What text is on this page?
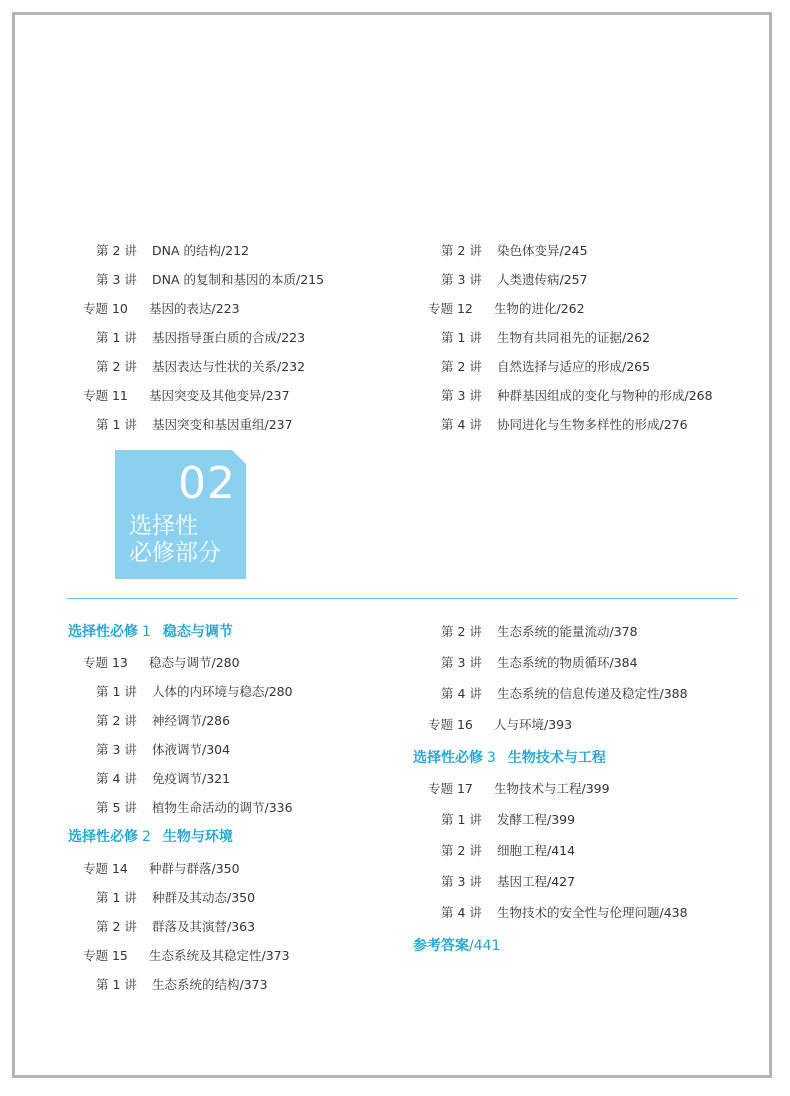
第 2 讲 DNA 的结构/212
第 3 讲 DNA 的复制和基因的本质/215
专题 10 基因的表达/223
第 1 讲 基因指导蛋白质的合成/223
第 2 讲 基因表达与性状的关系/232
专题 11 基因突变及其他变异/237
第 1 讲 基因突变和基因重组/237
第 2 讲 染色体变异/245
第 3 讲 人类遗传病/257
专题 12 生物的进化/262
第 1 讲 生物有共同祖先的证据/262
第 2 讲 自然选择与适应的形成/265
第 3 讲 种群基因组成的变化与物种的形成/268
第 4 讲 协同进化与生物多样性的形成/276
02
选择性
必修部分
选择性必修 1 稳态与调节
专题 13 稳态与调节/280
第 1 讲 人体的内环境与稳态/280
第 2 讲 神经调节/286
第 3 讲 体液调节/304
第 4 讲 免疫调节/321
第 5 讲 植物生命活动的调节/336
选择性必修 2 生物与环境
专题 14 种群与群落/350
第 1 讲 种群及其动态/350
第 2 讲 群落及其演替/363
专题 15 生态系统及其稳定性/373
第 1 讲 生态系统的结构/373
第 2 讲 生态系统的能量流动/378
第 3 讲 生态系统的物质循环/384
第 4 讲 生态系统的信息传递及稳定性/388
专题 16 人与环境/393
选择性必修 3 生物技术与工程
专题 17 生物技术与工程/399
第 1 讲 发酵工程/399
第 2 讲 细胞工程/414
第 3 讲 基因工程/427
第 4 讲 生物技术的安全性与伦理问题/438
参考答案/441
